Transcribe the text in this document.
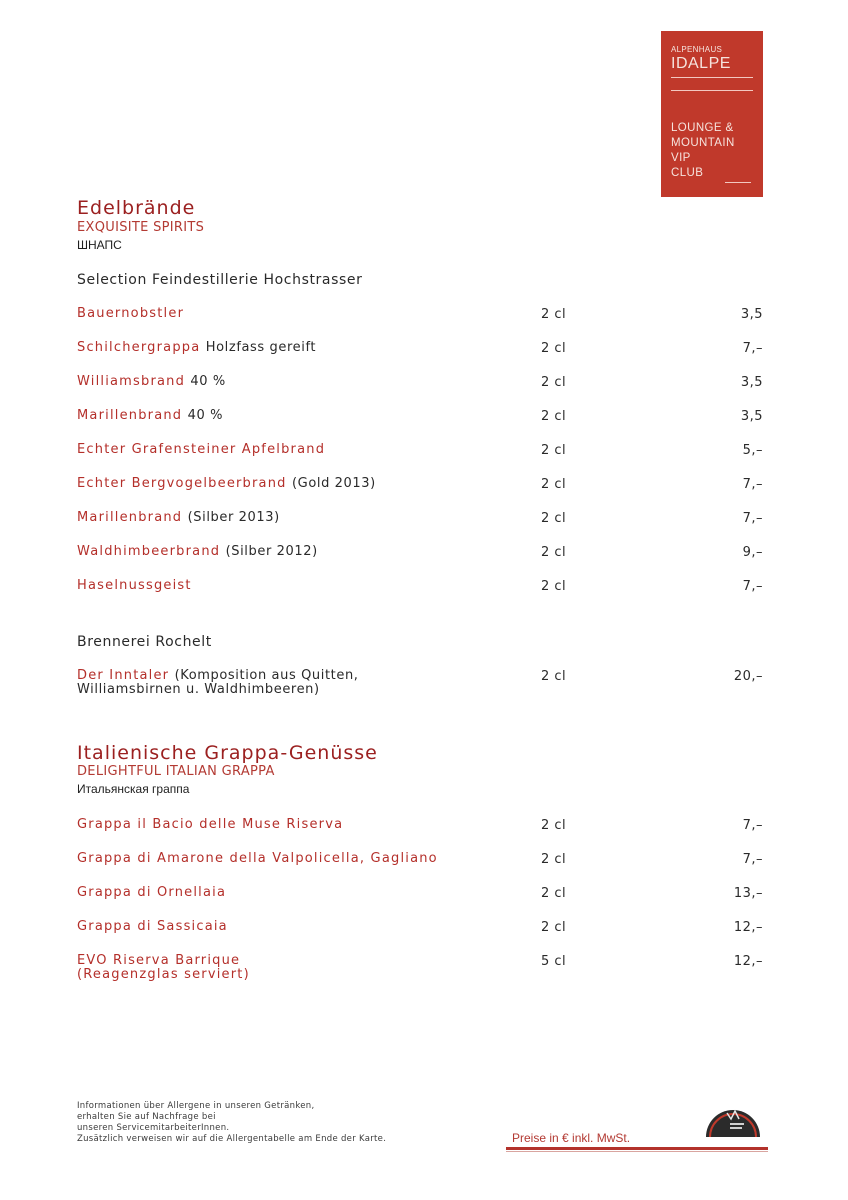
ALPENHAUS
IDALPE
LOUNGE &
MOUNTAIN
VIP
CLUB
Edelbrände
EXQUISITE SPIRITS
ШНАПС
Selection Feindestillerie Hochstrasser
Bauernobstler	2 cl	3,5
Schilchergrappa Holzfass gereift	2 cl	7,–
Williamsbrand 40 %	2 cl	3,5
Marillenbrand 40 %	2 cl	3,5
Echter Grafensteiner Apfelbrand	2 cl	5,–
Echter Bergvogelbeerbrand (Gold 2013)	2 cl	7,–
Marillenbrand (Silber 2013)	2 cl	7,–
Waldhimbeerbrand (Silber 2012)	2 cl	9,–
Haselnussgeist	2 cl	7,–
Brennerei Rochelt
Der Inntaler (Komposition aus Quitten,
Williamsbirnen u. Waldhimbeeren)
2 cl	20,–
Italienische Grappa-Genüsse
DELIGHTFUL ITALIAN GRAPPA
Итальянская граппа
Grappa il Bacio delle Muse Riserva	2 cl	7,–
Grappa di Amarone della Valpolicella, Gagliano	2 cl	7,–
Grappa di Ornellaia	2 cl	13,–
Grappa di Sassicaia	2 cl	12,–
EVO Riserva Barrique
(Reagenzglas serviert)
5 cl	12,–
Informationen über Allergene in unseren Getränken,
erhalten Sie auf Nachfrage bei
unseren ServicemitarbeiterInnen.
Zusätzlich verweisen wir auf die Allergentabelle am Ende der Karte.	Preise in € inkl. MwSt.
